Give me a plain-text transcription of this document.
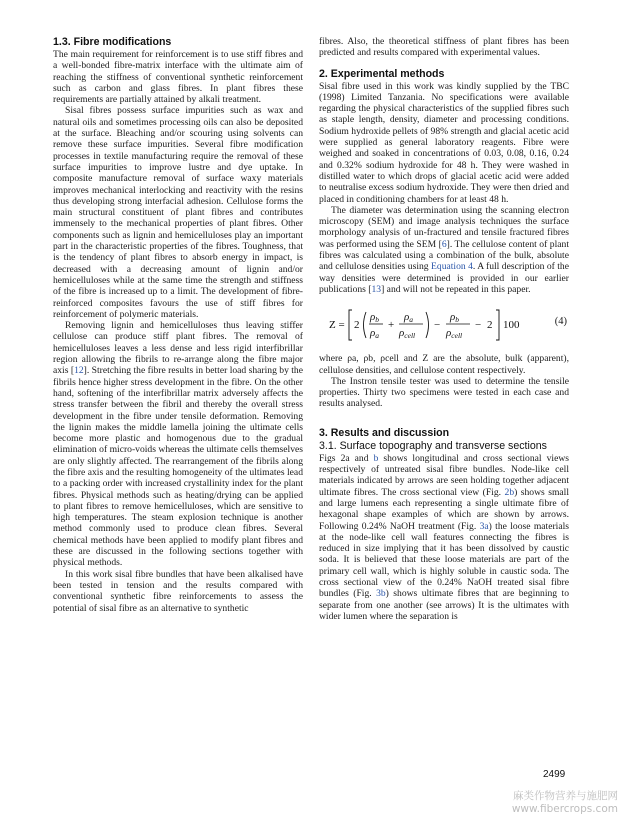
1.3. Fibre modifications

The main requirement for reinforcement is to use stiff fibres and a well-bonded fibre-matrix interface with the ultimate aim of reaching the stiffness of conventional synthetic reinforcement such as carbon and glass fibres. In plant fibres these requirements are partially attained by alkali treatment.

Sisal fibres possess surface impurities such as wax and natural oils and sometimes processing oils can also be deposited at the surface. Bleaching and/or scouring using solvents can remove these surface impurities. Several fibre modification processes in textile manufacturing require the removal of these surface impurities to improve lustre and dye uptake. In composite manufacture removal of surface waxy materials improves mechanical interlocking and reactivity with the resins thus developing strong interfacial adhesion. Cellulose forms the main structural constituent of plant fibres and contributes immensely to the mechanical properties of plant fibres. Other components such as lignin and hemicelluloses play an important part in the characteristic properties of the fibres. Toughness, that is the tendency of plant fibres to absorb energy in impact, is decreased with a decreasing amount of lignin and/or hemicelluloses while at the same time the strength and stiffness of the fibre is increased up to a limit. The development of fibre-reinforced composites favours the use of stiff fibres for reinforcement of polymeric materials.

Removing lignin and hemicelluloses thus leaving stiffer cellulose can produce stiff plant fibres. The removal of hemicelluloses leaves a less dense and less rigid interfibrillar region allowing the fibrils to re-arrange along the fibre major axis [12]. Stretching the fibre results in better load sharing by the fibrils hence higher stress development in the fibre. On the other hand, softening of the interfibrillar matrix adversely affects the stress transfer between the fibril and thereby the overall stress development in the fibre under tensile deformation. Removing the lignin makes the middle lamella joining the ultimate cells become more plastic and homogenous due to the gradual elimination of micro-voids whereas the ultimate cells themselves are only slightly affected. The rearrangement of the fibrils along the fibre axis and the resulting homogeneity of the ultimates lead to a packing order with increased crystallinity index for the plant fibres. Physical methods such as heating/drying can be applied to plant fibres to remove hemicelluloses, which are sensitive to high temperatures. The steam explosion technique is another method commonly used to produce clean fibres. Several chemical methods have been applied to modify plant fibres and these are discussed in the following sections together with physical methods.

In this work sisal fibre bundles that have been alkalised have been tested in tension and the results compared with conventional synthetic fibre reinforcements to assess the potential of sisal fibre as an alternative to synthetic

fibres. Also, the theoretical stiffness of plant fibres has been predicted and results compared with experimental values.

2. Experimental methods

Sisal fibre used in this work was kindly supplied by the TBC (1998) Limited Tanzania. No specifications were available regarding the physical characteristics of the supplied fibres such as staple length, density, diameter and processing conditions. Sodium hydroxide pellets of 98% strength and glacial acetic acid were supplied as general laboratory reagents. Fibre were weighed and soaked in concentrations of 0.03, 0.08, 0.16, 0.24 and 0.32% sodium hydroxide for 48 h. They were washed in distilled water to which drops of glacial acetic acid were added to neutralise excess sodium hydroxide. They were then dried and placed in conditioning chambers for at least 48 h.

The diameter was determination using the scanning electron microscopy (SEM) and image analysis techniques the surface morphology analysis of un-fractured and tensile fractured fibres was performed using the SEM [6]. The cellulose content of plant fibres was calculated using a combination of the bulk, absolute and cellulose densities using Equation 4. A full description of the way densities were determined is provided in our earlier publications [13] and will not be repeated in this paper.

Z = 2
ρb
ρa
+
ρa
ρcell
−
ρb
ρcell
− 2 100	(4)

where ρa, ρb, ρcell and Z are the absolute, bulk (apparent), cellulose densities, and cellulose content respectively.

The Instron tensile tester was used to determine the tensile properties. Thirty two specimens were tested in each case and results analysed.

3. Results and discussion
3.1. Surface topography and transverse sections

Figs 2a and b shows longitudinal and cross sectional views respectively of untreated sisal fibre bundles. Node-like cell materials indicated by arrows are seen holding together adjacent ultimate fibres. The cross sectional view (Fig. 2b) shows small and large lumens each representing a single ultimate fibre of hexagonal shape examples of which are shown by arrows. Following 0.24% NaOH treatment (Fig. 3a) the loose materials at the node-like cell wall features connecting the fibres is reduced in size implying that it has been dissolved by caustic soda. It is believed that these loose materials are part of the primary cell wall, which is highly soluble in caustic soda. The cross sectional view of the 0.24% NaOH treated sisal fibre bundles (Fig. 3b) shows ultimate fibres that are beginning to separate from one another (see arrows) It is the ultimates with wider lumen where the separation is

2499
麻类作物营养与施肥网
www.fibercrops.com
